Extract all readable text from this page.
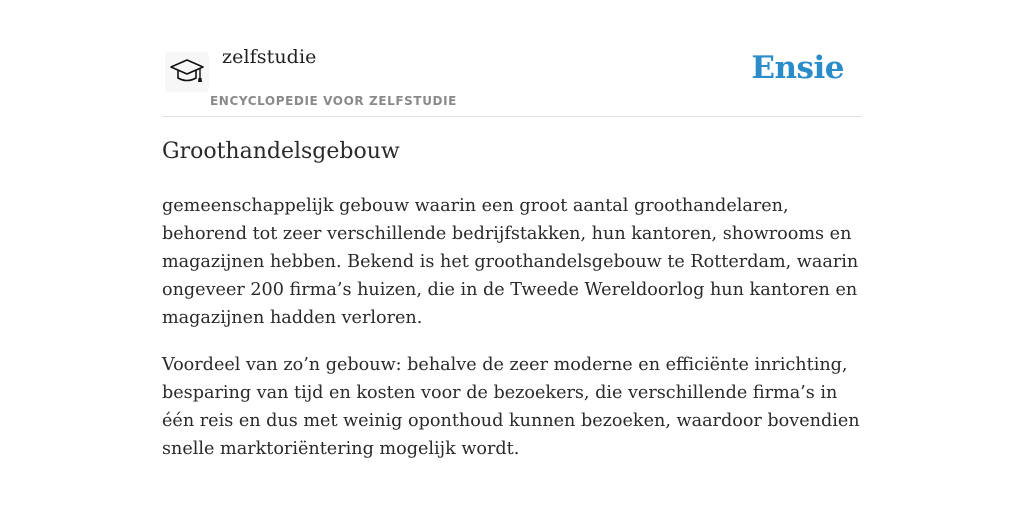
zelfstudie
ENCYCLOPEDIE VOOR ZELFSTUDIE
Ensie
Groothandelsgebouw

gemeenschappelijk gebouw waarin een groot aantal groothandelaren, behorend tot zeer verschillende bedrijfstakken, hun kantoren, showrooms en magazijnen hebben. Bekend is het groothandelsgebouw te Rotterdam, waarin ongeveer 200 firma’s huizen, die in de Tweede Wereldoorlog hun kantoren en magazijnen hadden verloren.

Voordeel van zo’n gebouw: behalve de zeer moderne en efficiënte inrichting, besparing van tijd en kosten voor de bezoekers, die verschillende firma’s in één reis en dus met weinig oponthoud kunnen bezoeken, waardoor bovendien snelle marktoriëntering mogelijk wordt.
